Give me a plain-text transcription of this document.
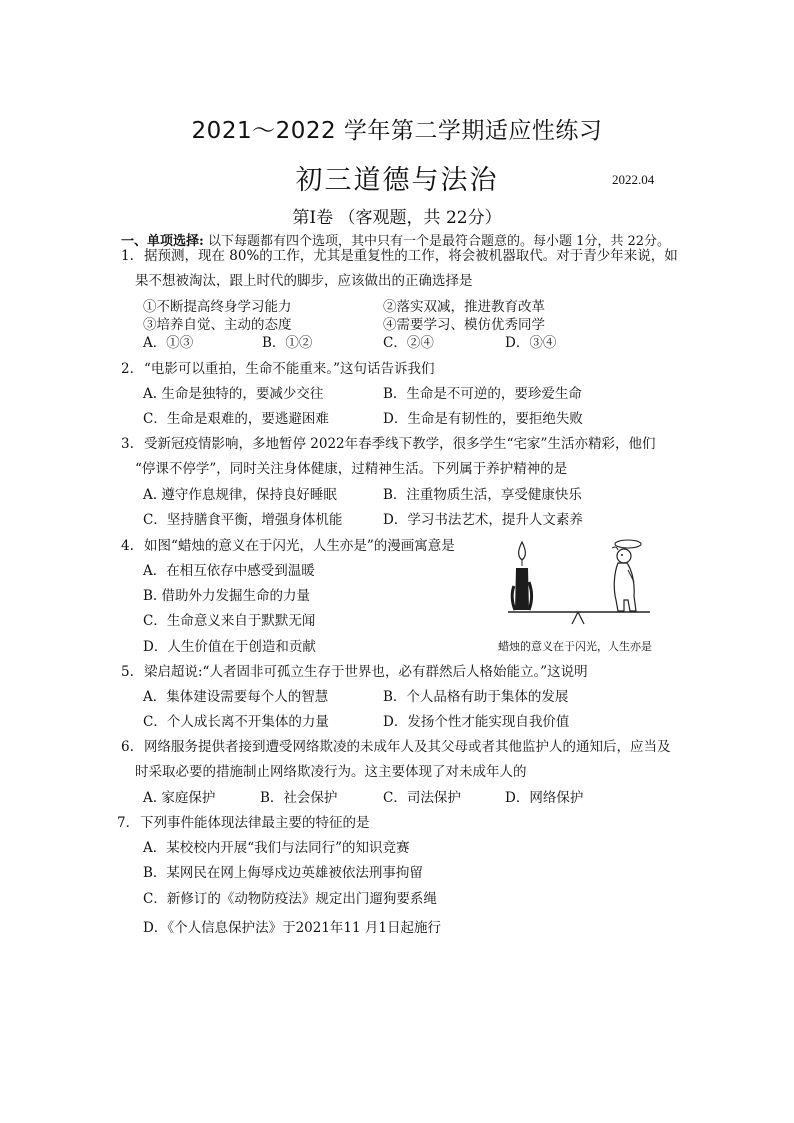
2021～2022 学年第二学期适应性练习
初三道德与法治	2022.04
第Ⅰ卷 （客观题，共 22分）
一、单项选择: 以下每题都有四个选项，其中只有一个是最符合题意的。每小题 1分，共 22分。
1. 据预测，现在 80%的工作，尤其是重复性的工作，将会被机器取代。对于青少年来说，如
果不想被淘汰，跟上时代的脚步，应该做出的正确选择是
①不断提高终身学习能力	②落实双减，推进教育改革
③培养自觉、主动的态度	④需要学习、模仿优秀同学
A．①③	B．①②	C．②④	D．③④
2．“电影可以重拍，生命不能重来。”这句话告诉我们
A. 生命是独特的，要减少交往	B．生命是不可逆的，要珍爱生命
C．生命是艰难的，要逃避困难	D．生命是有韧性的，要拒绝失败
3. 受新冠疫情影响，多地暂停 2022年春季线下教学，很多学生“宅家”生活亦精彩，他们
“停课不停学”，同时关注身体健康，过精神生活。下列属于养护精神的是
A. 遵守作息规律，保持良好睡眠	B．注重物质生活，享受健康快乐
C．坚持膳食平衡，增强身体机能	D．学习书法艺术，提升人文素养
4. 如图“蜡烛的意义在于闪光，人生亦是”的漫画寓意是
A．在相互依存中感受到温暖
B. 借助外力发掘生命的力量
C．生命意义来自于默默无闻
D．人生价值在于创造和贡献	蜡烛的意义在于闪光，人生亦是
5. 梁启超说:“人者固非可孤立生存于世界也，必有群然后人格始能立。”这说明
A．集体建设需要每个人的智慧	B．个人品格有助于集体的发展
C．个人成长离不开集体的力量	D．发扬个性才能实现自我价值
6. 网络服务提供者接到遭受网络欺凌的未成年人及其父母或者其他监护人的通知后，应当及
时采取必要的措施制止网络欺凌行为。这主要体现了对未成年人的
A. 家庭保护	B．社会保护	C．司法保护	D．网络保护
7．下列事件能体现法律最主要的特征的是
A．某校校内开展“我们与法同行”的知识竞赛
B．某网民在网上侮辱戍边英雄被依法刑事拘留
C．新修订的《动物防疫法》规定出门遛狗要系绳
D．《个人信息保护法》于2021年11 月1日起施行
